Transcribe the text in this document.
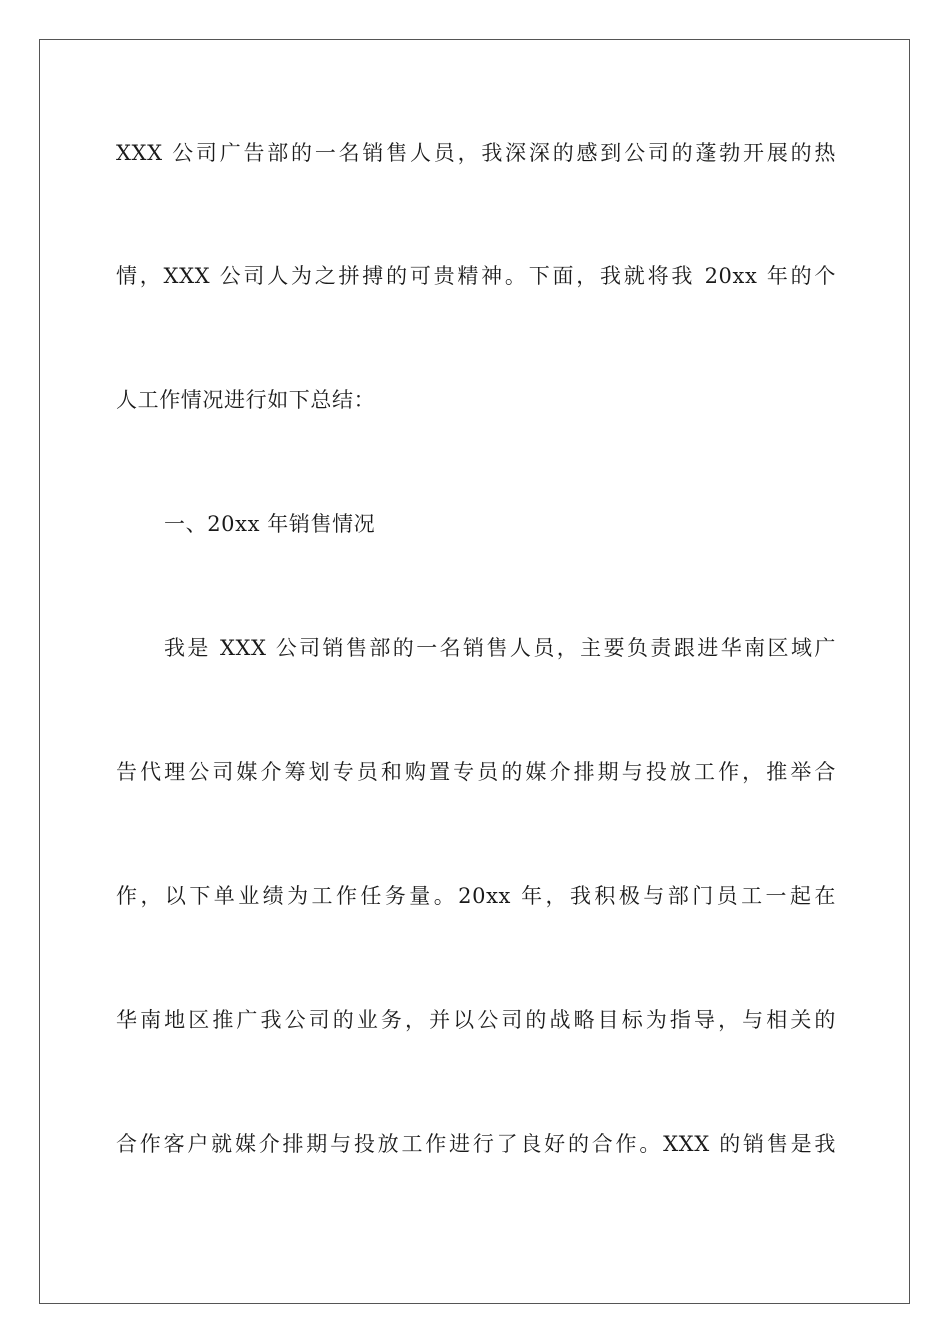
XXX 公司广告部的一名销售人员，我深深的感到公司的蓬勃开展的热
情，XXX 公司人为之拼搏的可贵精神。下面，我就将我 20xx 年的个
人工作情况进行如下总结：
一、20xx 年销售情况
我是 XXX 公司销售部的一名销售人员，主要负责跟进华南区域广
告代理公司媒介筹划专员和购置专员的媒介排期与投放工作，推举合
作，以下单业绩为工作任务量。20xx 年，我积极与部门员工一起在
华南地区推广我公司的业务，并以公司的战略目标为指导，与相关的
合作客户就媒介排期与投放工作进行了良好的合作。XXX 的销售是我
